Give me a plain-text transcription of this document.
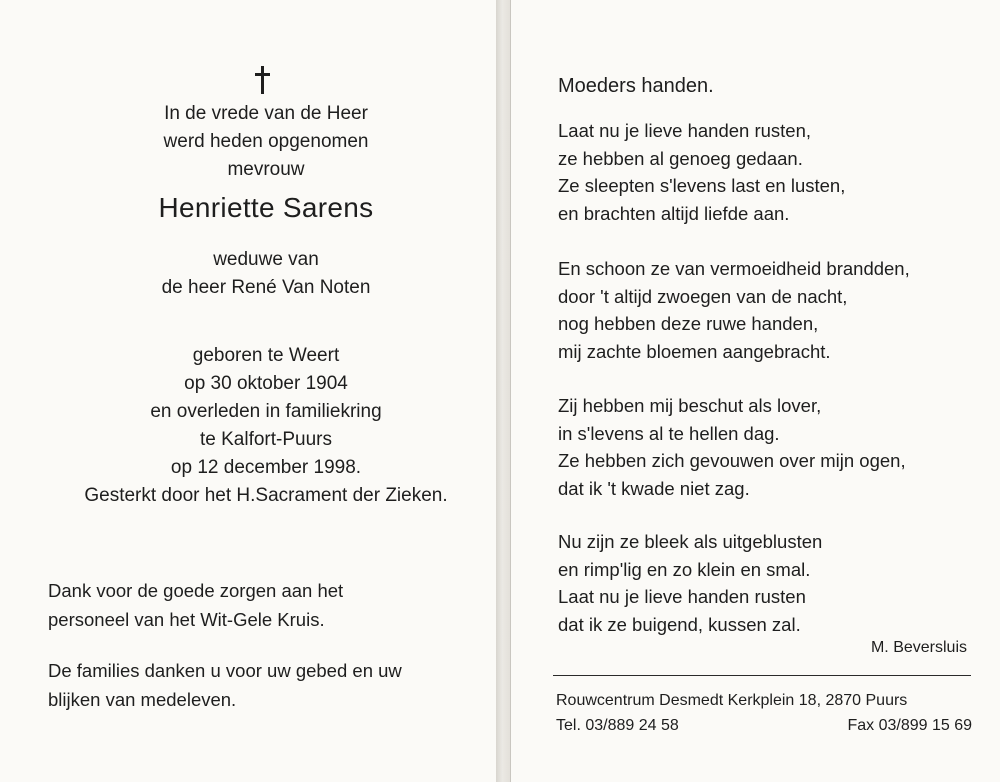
In de vrede van de Heer
werd heden opgenomen
mevrouw

Henriette Sarens

weduwe van
de heer René Van Noten

geboren te Weert
op 30 oktober 1904
en overleden in familiekring
te Kalfort-Puurs
op 12 december 1998.
Gesterkt door het H.Sacrament der Zieken.

Dank voor de goede zorgen aan het
personeel van het Wit-Gele Kruis.

De families danken u voor uw gebed en uw
blijken van medeleven.

Moeders handen.

Laat nu je lieve handen rusten,
ze hebben al genoeg gedaan.
Ze sleepten s'levens last en lusten,
en brachten altijd liefde aan.

En schoon ze van vermoeidheid brandden,
door 't altijd zwoegen van de nacht,
nog hebben deze ruwe handen,
mij zachte bloemen aangebracht.

Zij hebben mij beschut als lover,
in s'levens al te hellen dag.
Ze hebben zich gevouwen over mijn ogen,
dat ik 't kwade niet zag.

Nu zijn ze bleek als uitgeblusten
en rimp'lig en zo klein en smal.
Laat nu je lieve handen rusten
dat ik ze buigend, kussen zal.

M. Beversluis
Rouwcentrum Desmedt Kerkplein 18, 2870 Puurs
Tel. 03/889 24 58	Fax 03/899 15 69
